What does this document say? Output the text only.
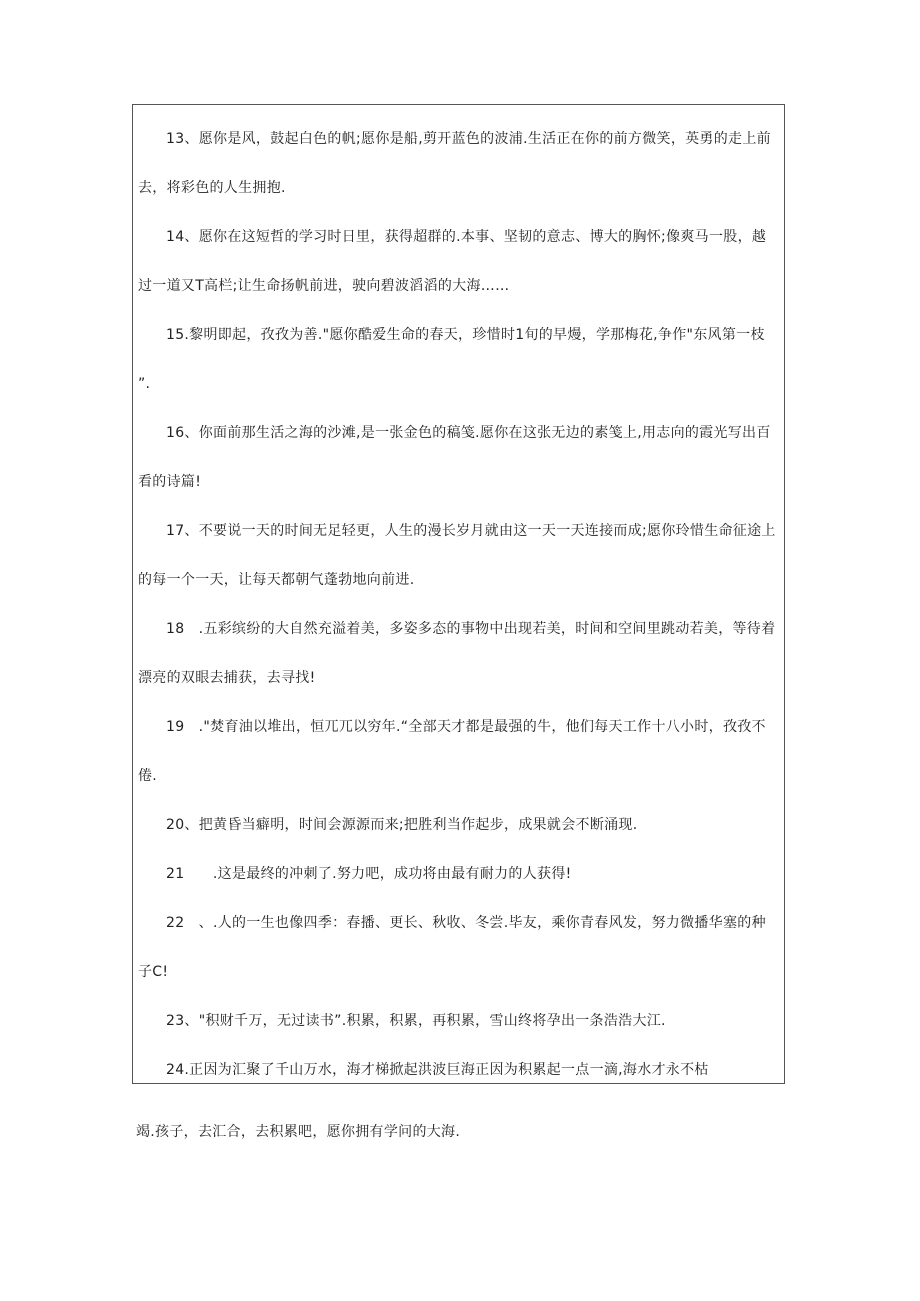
13、愿你是风，鼓起白色的帆;愿你是船,剪开蓝色的波浦.生活正在你的前方微笑，英勇的走上前
去，将彩色的人生拥抱.
14、愿你在这短哲的学习时日里，获得超群的.本事、坚韧的意志、博大的胸怀;像爽马一股，越
过一道又T高栏;让生命扬帆前进，驶向碧波滔滔的大海……
15.黎明即起，孜孜为善."愿你酷爱生命的春天，珍惜时1旬的早熳，学那梅花,争作"东风第一枝
”.
16、你面前那生活之海的沙滩,是一张金色的稿笺.愿你在这张无边的素笺上,用志向的霞光写出百
看的诗篇!
17、不要说一天的时间无足轻更，人生的漫长岁月就由这一天一天连接而成;愿你玲惜生命征途上
的每一个一天，让每天都朝气蓬勃地向前进.
18   .五彩缤纷的大自然充溢着美，多姿多态的事物中出现若美，时间和空间里跳动若美，等待着
漂亮的双眼去捕获，去寻找!
19   ."焚育油以堆出，恒兀兀以穷年.“全部天才都是最强的牛，他们每天工作十八小时，孜孜不
倦.
20、把黄昏当癖明，时间会源源而来;把胜利当作起步，成果就会不断涌现.
21      .这是最终的冲刺了.努力吧，成功将由最有耐力的人获得!
22   、.人的一生也像四季：春播、更长、秋收、冬尝.毕友，乘你青春风发，努力微播华塞的种
子C!
23、"积财千万，无过读书”.积累，积累，再积累，雪山终将孕出一条浩浩大江.
24.正因为汇聚了千山万水，海才梯掀起洪波巨海正因为积累起一点一滴,海水才永不枯
竭.孩子，去汇合，去积累吧，愿你拥有学问的大海.
